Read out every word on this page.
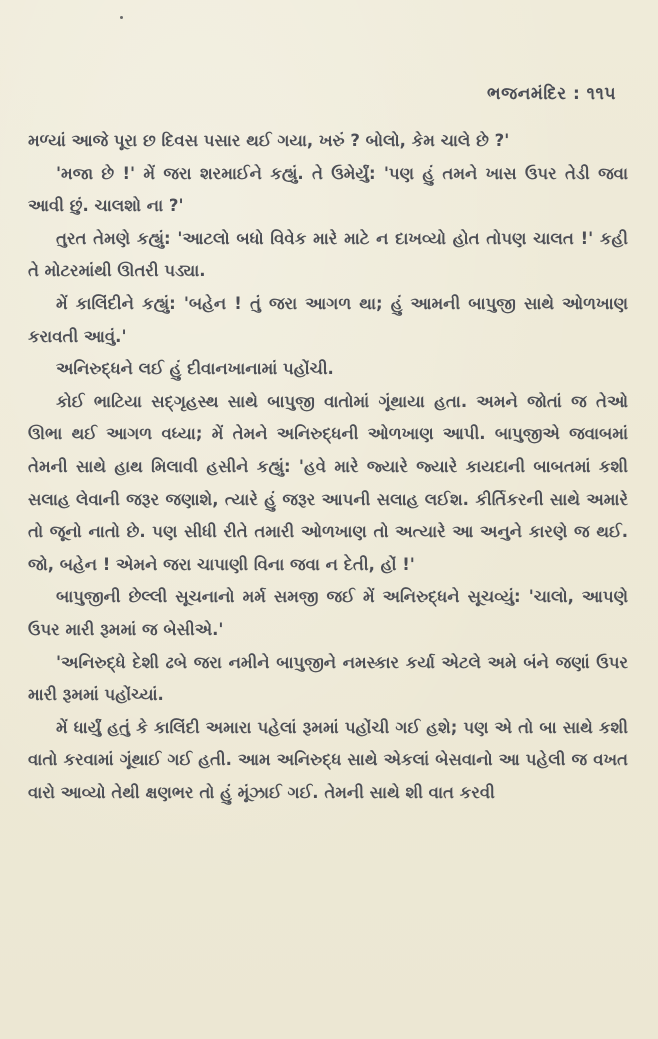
ભજનમંદિર : ૧૧૫

મળ્યાં આજે પૂરા છ દિવસ પસાર થઈ ગયા, ખરું ? બોલો, કેમ ચાલે છે ?'

'મજા છે !' મેં જરા શરમાઈને કહ્યું. તે ઉમેર્યું: 'પણ હું તમને ખાસ ઉપર તેડી જવા આવી છું. ચાલશો ના ?'

તુરત તેમણે કહ્યું: 'આટલો બધો વિવેક મારે માટે ન દાખવ્યો હોત તોપણ ચાલત !' કહી તે મોટરમાંથી ઊતરી પડ્યા.

મેં કાલિંદીને કહ્યું: 'બહેન ! તું જરા આગળ થા; હું આમની બાપુજી સાથે ઓળખાણ કરાવતી આવું.'

અનિરુદ્ધને લઈ હું દીવાનખાનામાં પહોંચી.

કોઈ ભાટિયા સદ્ગૃહસ્થ સાથે બાપુજી વાતોમાં ગૂંથાયા હતા. અમને જોતાં જ તેઓ ઊભા થઈ આગળ વધ્યા; મેં તેમને અનિરુદ્ધની ઓળખાણ આપી. બાપુજીએ જવાબમાં તેમની સાથે હાથ મિલાવી હસીને કહ્યું: 'હવે મારે જ્યારે જ્યારે કાયદાની બાબતમાં કશી સલાહ લેવાની જરૂર જણાશે, ત્યારે હું જરૂર આપની સલાહ લઈશ. કીર્તિકરની સાથે અમારે તો જૂનો નાતો છે. પણ સીધી રીતે તમારી ઓળખાણ તો અત્યારે આ અનુને કારણે જ થઈ. જો, બહેન ! એમને જરા ચાપાણી વિના જવા ન દેતી, હોં !'

બાપુજીની છેલ્લી સૂચનાનો મર્મ સમજી જઈ મેં અનિરુદ્ધને સૂચવ્યું: 'ચાલો, આપણે ઉપર મારી રૂમમાં જ બેસીએ.'

'અનિરુદ્ધે દેશી ઢબે જરા નમીને બાપુજીને નમસ્કાર કર્યા એટલે અમે બંને જણાં ઉપર મારી રૂમમાં પહોંચ્યાં.

મેં ધાર્યું હતું કે કાલિંદી અમારા પહેલાં રૂમમાં પહોંચી ગઈ હશે; પણ એ તો બા સાથે કશી વાતો કરવામાં ગૂંથાઈ ગઈ હતી. આમ અનિરુદ્ધ સાથે એકલાં બેસવાનો આ પહેલી જ વખત વારો આવ્યો તેથી ક્ષણભર તો હું મૂંઝાઈ ગઈ. તેમની સાથે શી વાત કરવી
